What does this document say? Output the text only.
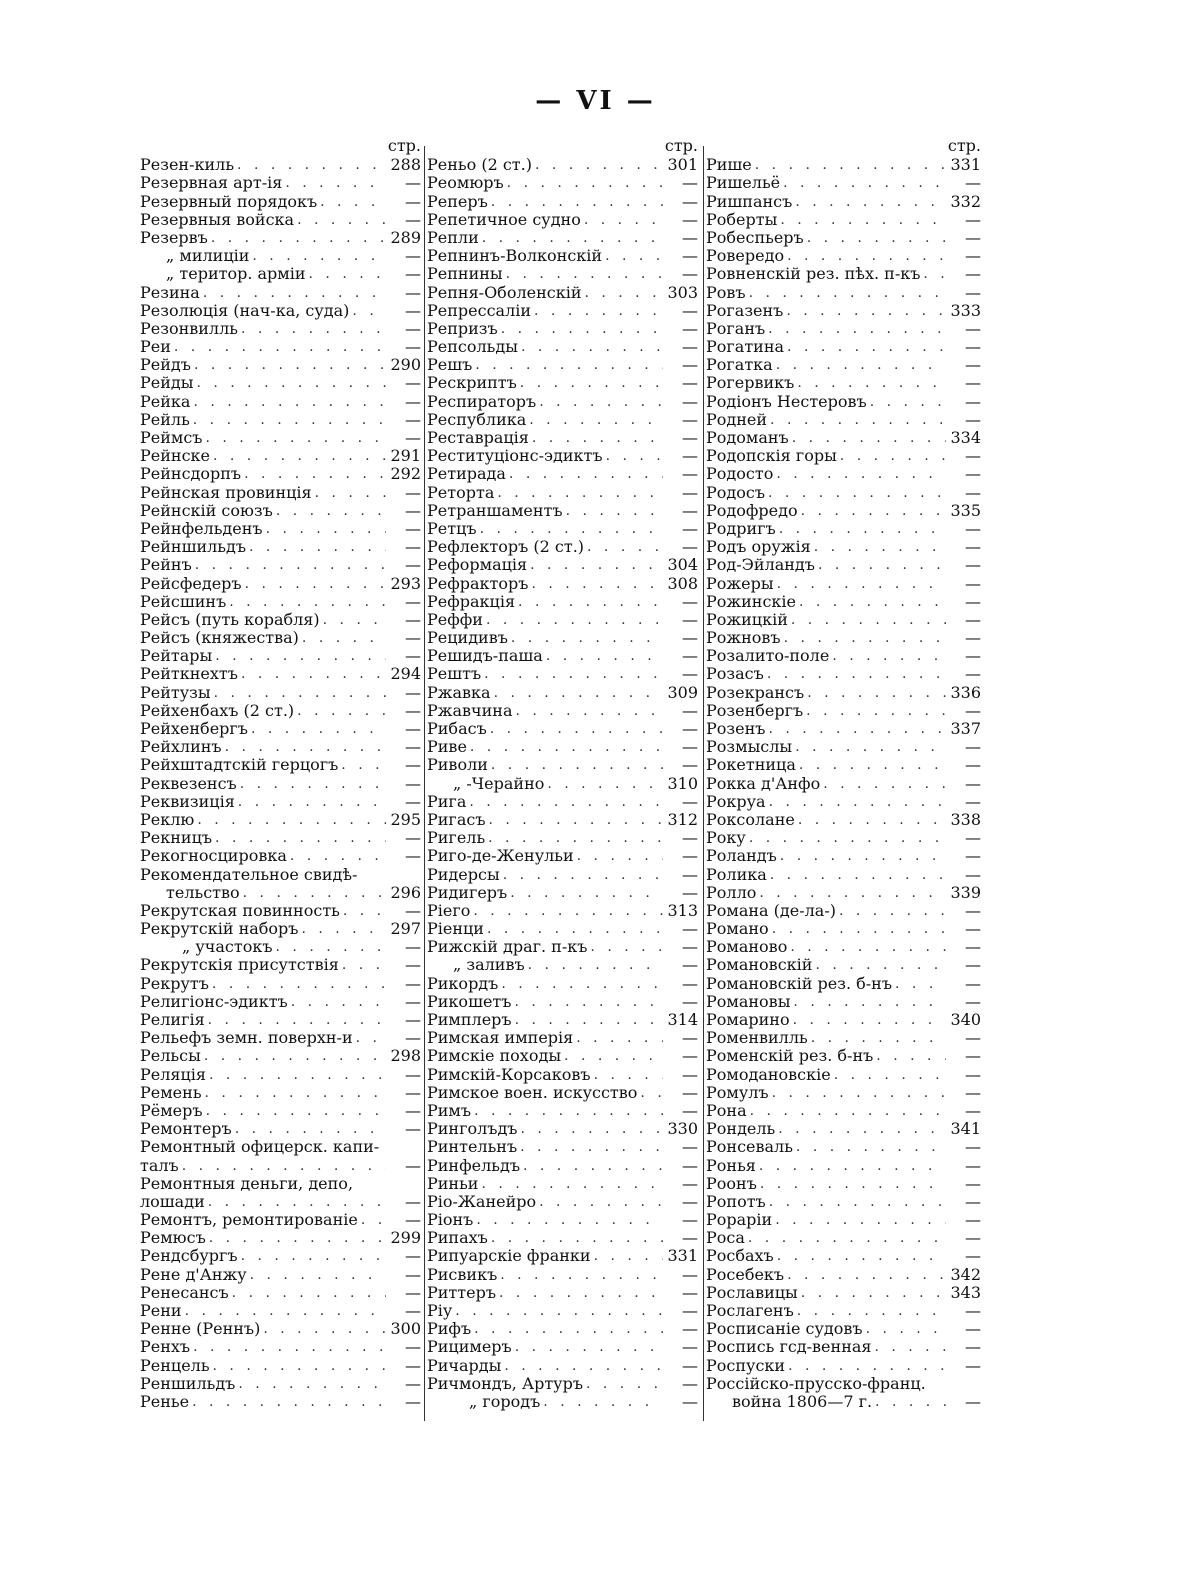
— VI —
стр.
Резен-киль . . .	288
Резервная арт-ія . . .	—
Резервный порядокъ . . .	—
Резервныя войска . . .	—
Резервъ . . .	289
„ милиціи . . .	—
„ територ. арміи . . .	—
Резина . . .	—
Резолюція (нач-ка, суда) . . .	—
Резонвилль . . .	—
Реи . . .	—
Рейдъ . . .	290
Рейды . . .	—
Рейка . . .	—
Рейль . . .	—
Реймсъ . . .	—
Рейнске . . .	291
Рейнсдорпъ . . .	292
Рейнская провинція . . .	—
Рейнскій союзъ . . .	—
Рейнфельденъ . . .	—
Рейншильдъ . . .	—
Рейнъ . . .	—
Рейсфедеръ . . .	293
Рейсшинъ . . .	—
Рейсъ (путь корабля) . . .	—
Рейсъ (княжества) . . .	—
Рейтары . . .	—
Рейткнехтъ . . .	294
Рейтузы . . .	—
Рейхенбахъ (2 ст.) . . .	—
Рейхенбергъ . . .	—
Рейхлинъ . . .	—
Рейхштадтскій герцогъ . . .	—
Реквезенсъ . . .	—
Реквизиція . . .	—
Реклю . . .	295
Рекницъ . . .	—
Рекогносцировка . . .	—
Рекомендательное свидѣ-
тельство . . .	296
Рекрутская повинность . . .	—
Рекрутскій наборъ . . .	297
„ участокъ . . .	—
Рекрутскія присутствія . . .	—
Рекрутъ . . .	—
Религіонс-эдиктъ . . .	—
Религія . . .	—
Рельефъ земн. поверхн-и . . .	—
Рельсы . . .	298
Реляція . . .	—
Ремень . . .	—
Рёмеръ . . .	—
Ремонтеръ . . .	—
Ремонтный офицерск. капи-
талъ . . .	—
Ремонтныя деньги, депо,
лошади . . .	—
Ремонтъ, ремонтированіе . . .	—
Ремюсъ . . .	299
Рендсбургъ . . .	—
Рене д'Анжу . . .	—
Ренесансъ . . .	—
Рени . . .	—
Ренне (Реннъ) . . .	300
Ренхъ . . .	—
Ренцель . . .	—
Реншильдъ . . .	—
Ренье . . .	—
стр.
Реньо (2 ст.) . . .	301
Реомюръ . . .	—
Реперъ . . .	—
Репетичное судно . . .	—
Репли . . .	—
Репнинъ-Волконскій . . .	—
Репнины . . .	—
Репня-Оболенскій . . .	303
Репрессаліи . . .	—
Репризъ . . .	—
Репсольды . . .	—
Решъ . . .	—
Рескриптъ . . .	—
Респираторъ . . .	—
Республика . . .	—
Реставрація . . .	—
Реституціонс-эдиктъ . . .	—
Ретирада . . .	—
Реторта . . .	—
Ретраншаментъ . . .	—
Ретцъ . . .	—
Рефлекторъ (2 ст.) . . .	—
Реформація . . .	304
Рефракторъ . . .	308
Рефракція . . .	—
Реффи . . .	—
Рецидивъ . . .	—
Решидъ-паша . . .	—
Рештъ . . .	—
Ржавка . . .	309
Ржавчина . . .	—
Рибасъ . . .	—
Риве . . .	—
Риволи . . .	—
„ -Черайно . . .	310
Рига . . .	—
Ригасъ . . .	312
Ригель . . .	—
Риго-де-Женульи . . .	—
Ридерсы . . .	—
Ридигеръ . . .	—
Ріего . . .	313
Ріенци . . .	—
Рижскій драг. п-къ . . .	—
„ заливъ . . .	—
Рикордъ . . .	—
Рикошетъ . . .	—
Римплеръ . . .	314
Римская имперія . . .	—
Римскіе походы . . .	—
Римскій-Корсаковъ . . .	—
Римское воен. искусство . . .	—
Римъ . . .	—
Ринголъдъ . . .	330
Ринтельнъ . . .	—
Ринфельдъ . . .	—
Риньи . . .	—
Ріо-Жанейро . . .	—
Ріонъ . . .	—
Рипахъ . . .	—
Рипуарскіе франки . . .	331
Рисвикъ . . .	—
Риттеръ . . .	—
Ріу . . .	—
Рифъ . . .	—
Рицимеръ . . .	—
Ричарды . . .	—
Ричмондъ, Артуръ . . .	—
„ городъ . . .	—
стр.
Рише . . .	331
Ришельё . . .	—
Ришпансъ . . .	332
Роберты . . .	—
Робеспьеръ . . .	—
Ровередо . . .	—
Ровненскій рез. пѣх. п-къ . . .	—
Ровъ . . .	—
Рогазенъ . . .	333
Роганъ . . .	—
Рогатина . . .	—
Рогатка . . .	—
Рогервикъ . . .	—
Родіонъ Нестеровъ . . .	—
Родней . . .	—
Родоманъ . . .	334
Родопскія горы . . .	—
Родосто . . .	—
Родосъ . . .	—
Родофредо . . .	335
Родригъ . . .	—
Родъ оружія . . .	—
Род-Эйландъ . . .	—
Рожеры . . .	—
Рожинскіе . . .	—
Рожицкій . . .	—
Рожновъ . . .	—
Розалито-поле . . .	—
Розасъ . . .	—
Розекрансъ . . .	336
Розенбергъ . . .	—
Розенъ . . .	337
Розмыслы . . .	—
Рокетница . . .	—
Рокка д'Анфо . . .	—
Рокруа . . .	—
Роксолане . . .	338
Року . . .	—
Роландъ . . .	—
Ролика . . .	—
Ролло . . .	339
Романа (де-ла-) . . .	—
Романо . . .	—
Романово . . .	—
Романовскій . . .	—
Романовскій рез. б-нъ . . .	—
Романовы . . .	—
Ромарино . . .	340
Роменвилль . . .	—
Роменскій рез. б-нъ . . .	—
Ромодановскіе . . .	—
Ромулъ . . .	—
Рона . . .	—
Рондель . . .	341
Ронсеваль . . .	—
Ронья . . .	—
Роонъ . . .	—
Ропотъ . . .	—
Рораріи . . .	—
Роса . . .	—
Росбахъ . . .	—
Росебекъ . . .	342
Рославицы . . .	343
Рослагенъ . . .	—
Росписаніе судовъ . . .	—
Роспись гсд-венная . . .	—
Роспуски . . .	—
Россійско-прусско-франц.
война 1806—7 г. . . .	—
